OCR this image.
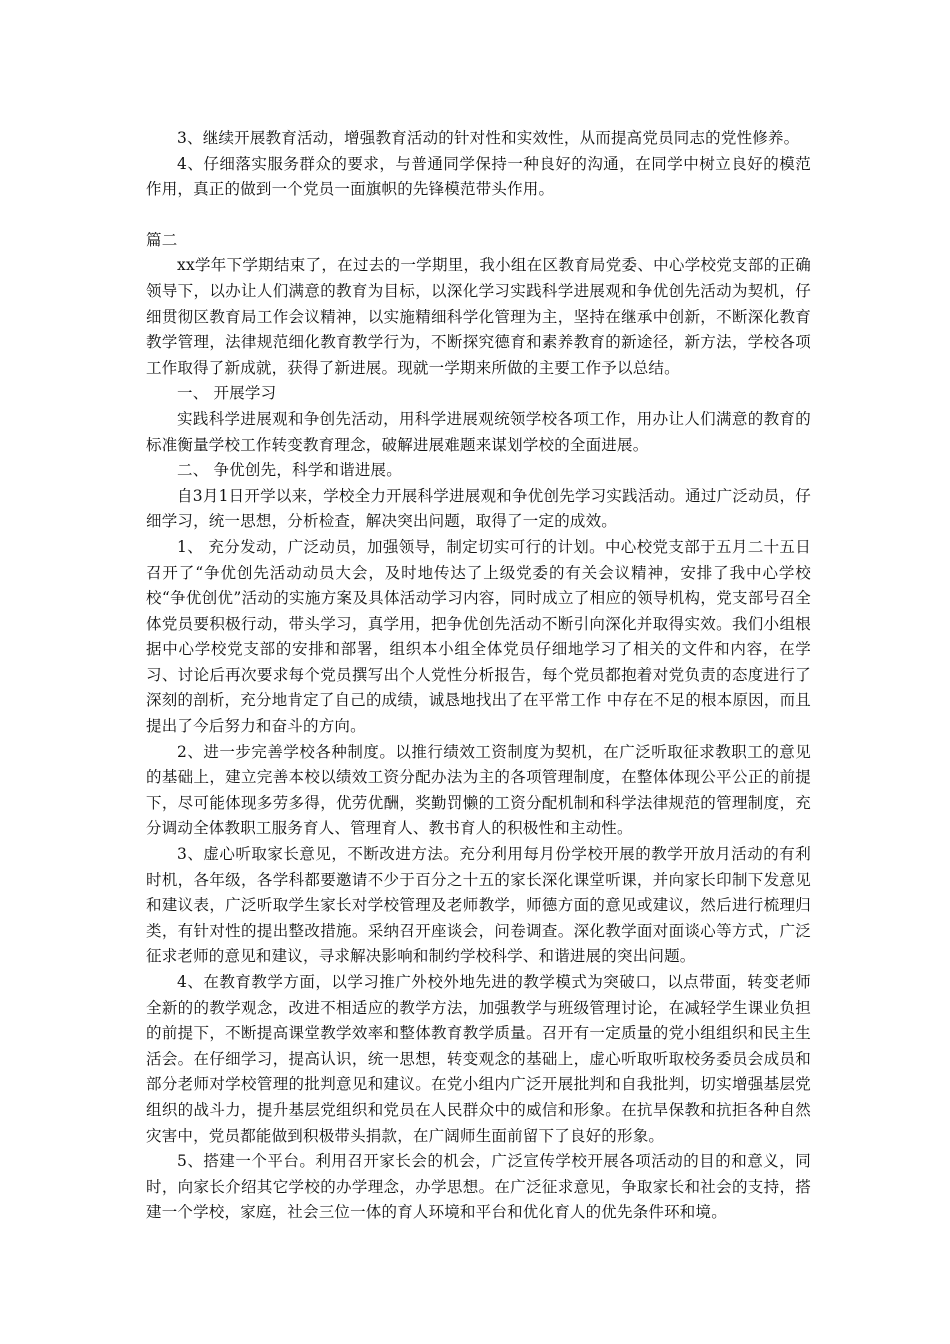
3、继续开展教育活动，增强教育活动的针对性和实效性，从而提高党员同志的党性修养。

4、仔细落实服务群众的要求，与普通同学保持一种良好的沟通，在同学中树立良好的模范作用，真正的做到一个党员一面旗帜的先锋模范带头作用。

篇二

xx学年下学期结束了，在过去的一学期里，我小组在区教育局党委、中心学校党支部的正确领导下，以办让人们满意的教育为目标，以深化学习实践科学进展观和争优创先活动为契机，仔细贯彻区教育局工作会议精神，以实施精细科学化管理为主，坚持在继承中创新，不断深化教育教学管理，法律规范细化教育教学行为，不断探究德育和素养教育的新途径，新方法，学校各项工作取得了新成就，获得了新进展。现就一学期来所做的主要工作予以总结。

一、 开展学习

实践科学进展观和争创先活动，用科学进展观统领学校各项工作，用办让人们满意的教育的标准衡量学校工作转变教育理念，破解进展难题来谋划学校的全面进展。

二、 争优创先，科学和谐进展。

自3月1日开学以来，学校全力开展科学进展观和争优创先学习实践活动。通过广泛动员，仔细学习，统一思想，分析检查，解决突出问题，取得了一定的成效。

1、 充分发动，广泛动员，加强领导，制定切实可行的计划。中心校党支部于五月二十五日召开了“争优创先活动动员大会，及时地传达了上级党委的有关会议精神，安排了我中心学校校“争优创优”活动的实施方案及具体活动学习内容，同时成立了相应的领导机构，党支部号召全体党员要积极行动，带头学习，真学用，把争优创先活动不断引向深化并取得实效。我们小组根据中心学校党支部的安排和部署，组织本小组全体党员仔细地学习了相关的文件和内容，在学习、讨论后再次要求每个党员撰写出个人党性分析报告，每个党员都抱着对党负责的态度进行了深刻的剖析，充分地肯定了自己的成绩，诚恳地找出了在平常工作 中存在不足的根本原因，而且提出了今后努力和奋斗的方向。

2、进一步完善学校各种制度。以推行绩效工资制度为契机，在广泛听取征求教职工的意见的基础上，建立完善本校以绩效工资分配办法为主的各项管理制度，在整体体现公平公正的前提下，尽可能体现多劳多得，优劳优酬，奖勤罚懒的工资分配机制和科学法律规范的管理制度，充分调动全体教职工服务育人、管理育人、教书育人的积极性和主动性。

3、虚心听取家长意见，不断改进方法。充分利用每月份学校开展的教学开放月活动的有利时机，各年级，各学科都要邀请不少于百分之十五的家长深化课堂听课，并向家长印制下发意见和建议表，广泛听取学生家长对学校管理及老师教学，师德方面的意见或建议，然后进行梳理归类，有针对性的提出整改措施。采纳召开座谈会，问卷调查。深化教学面对面谈心等方式，广泛征求老师的意见和建议，寻求解决影响和制约学校科学、和谐进展的突出问题。

4、在教育教学方面，以学习推广外校外地先进的教学模式为突破口，以点带面，转变老师全新的的教学观念，改进不相适应的教学方法，加强教学与班级管理讨论，在减轻学生课业负担的前提下，不断提高课堂教学效率和整体教育教学质量。召开有一定质量的党小组组织和民主生活会。在仔细学习，提高认识，统一思想，转变观念的基础上，虚心听取听取校务委员会成员和 部分老师对学校管理的批判意见和建议。在党小组内广泛开展批判和自我批判，切实增强基层党组织的战斗力，提升基层党组织和党员在人民群众中的威信和形象。在抗旱保教和抗拒各种自然灾害中，党员都能做到积极带头捐款，在广阔师生面前留下了良好的形象。

5、搭建一个平台。利用召开家长会的机会，广泛宣传学校开展各项活动的目的和意义，同时，向家长介绍其它学校的办学理念，办学思想。在广泛征求意见，争取家长和社会的支持，搭建一个学校，家庭，社会三位一体的育人环境和平台和优化育人的优先条件环和境。
